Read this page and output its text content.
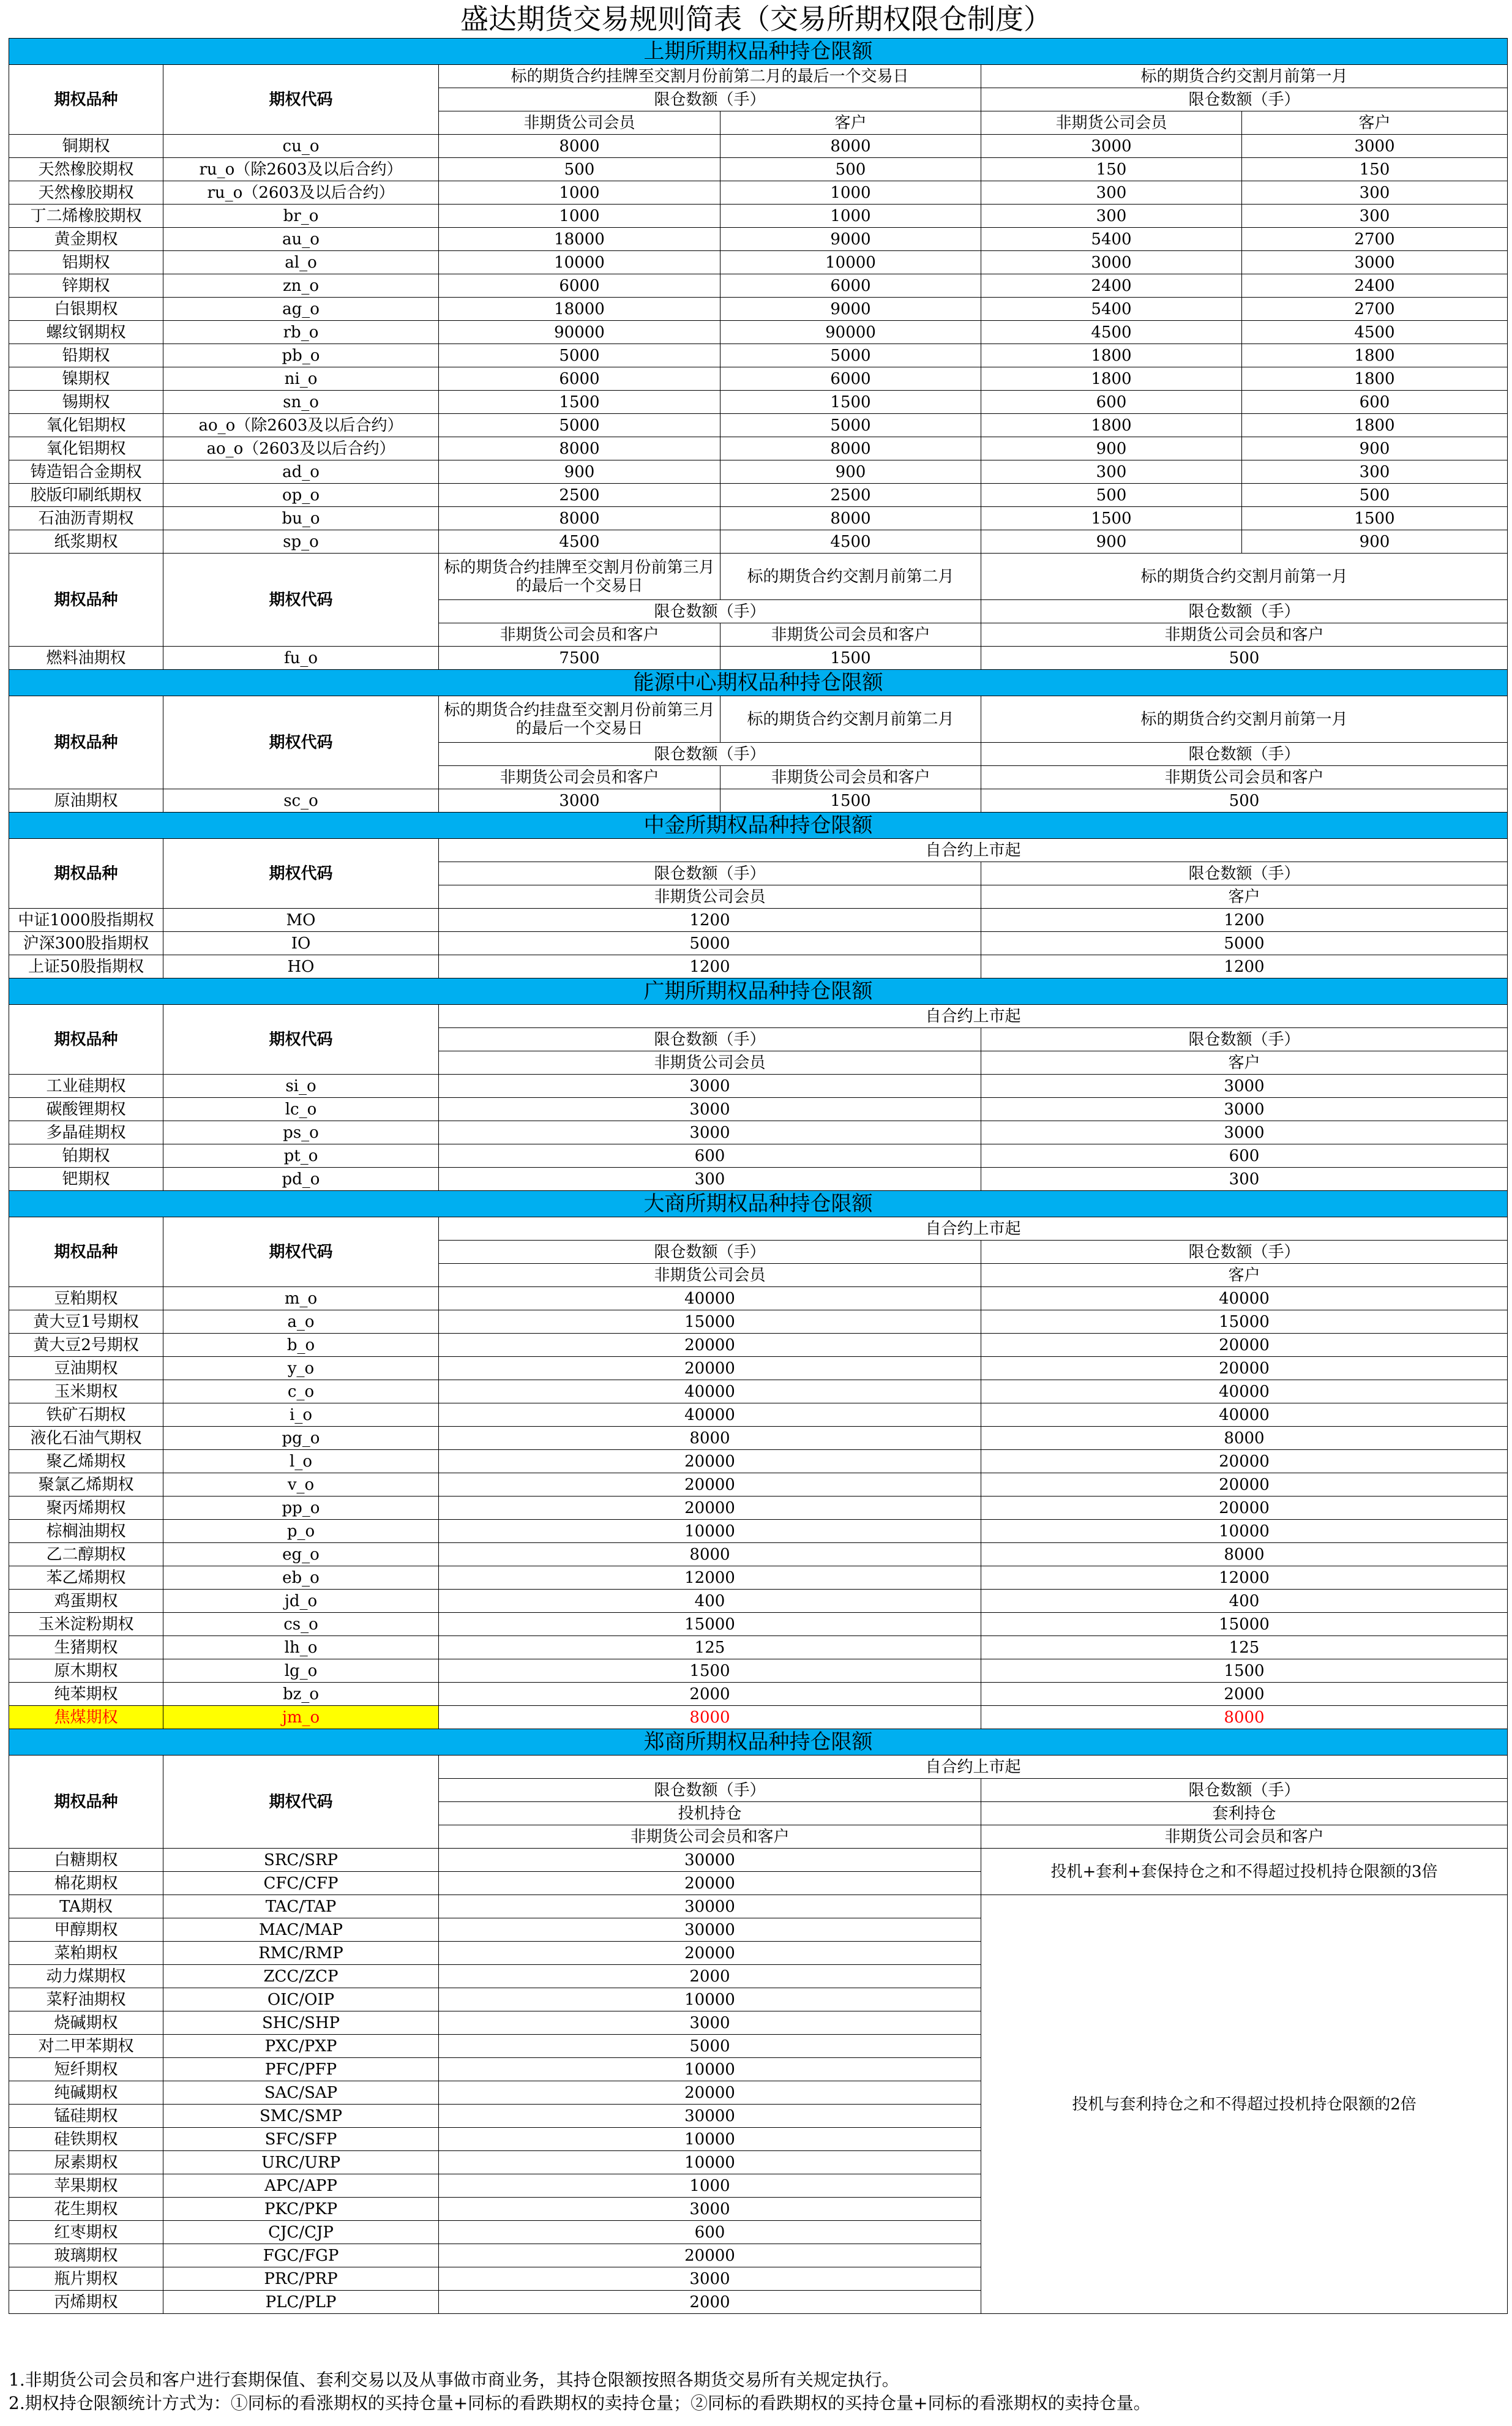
盛达期货交易规则简表（交易所期权限仓制度）
上期所期权品种持仓限额					
期权品种	期权代码	标的期货合约挂牌至交割月份前第二月的最后一个交易日		标的期货合约交割月前第一月	
		限仓数额（手）		限仓数额（手）	
		非期货公司会员	客户	非期货公司会员	客户
铜期权	cu_o	8000	8000	3000	3000
天然橡胶期权	ru_o（除2603及以后合约）	500	500	150	150
天然橡胶期权	ru_o（2603及以后合约）	1000	1000	300	300
丁二烯橡胶期权	br_o	1000	1000	300	300
黄金期权	au_o	18000	9000	5400	2700
铝期权	al_o	10000	10000	3000	3000
锌期权	zn_o	6000	6000	2400	2400
白银期权	ag_o	18000	9000	5400	2700
螺纹钢期权	rb_o	90000	90000	4500	4500
铅期权	pb_o	5000	5000	1800	1800
镍期权	ni_o	6000	6000	1800	1800
锡期权	sn_o	1500	1500	600	600
氧化铝期权	ao_o（除2603及以后合约）	5000	5000	1800	1800
氧化铝期权	ao_o（2603及以后合约）	8000	8000	900	900
铸造铝合金期权	ad_o	900	900	300	300
胶版印刷纸期权	op_o	2500	2500	500	500
石油沥青期权	bu_o	8000	8000	1500	1500
纸浆期权	sp_o	4500	4500	900	900
期权品种	期权代码	标的期货合约挂牌至交割月份前第三月的最后一个交易日	标的期货合约交割月前第二月	标的期货合约交割月前第一月	

		限仓数额（手）		限仓数额（手）	
		非期货公司会员和客户	非期货公司会员和客户	非期货公司会员和客户	
燃料油期权	fu_o	7500	1500	500	
能源中心期权品种持仓限额					
期权品种	期权代码	标的期货合约挂盘至交割月份前第三月的最后一个交易日	标的期货合约交割月前第二月	标的期货合约交割月前第一月	

		限仓数额（手）		限仓数额（手）	
		非期货公司会员和客户	非期货公司会员和客户	非期货公司会员和客户	
原油期权	sc_o	3000	1500	500	
中金所期权品种持仓限额					
期权品种	期权代码	自合约上市起			
		限仓数额（手）		限仓数额（手）	
		非期货公司会员		客户	
中证1000股指期权	MO	1200		1200	
沪深300股指期权	IO	5000		5000	
上证50股指期权	HO	1200		1200	
广期所期权品种持仓限额					
期权品种	期权代码	自合约上市起			
		限仓数额（手）		限仓数额（手）	
		非期货公司会员		客户	
工业硅期权	si_o	3000		3000	
碳酸锂期权	lc_o	3000		3000	
多晶硅期权	ps_o	3000		3000	
铂期权	pt_o	600		600	
钯期权	pd_o	300		300	
大商所期权品种持仓限额					
期权品种	期权代码	自合约上市起			
		限仓数额（手）		限仓数额（手）	
		非期货公司会员		客户	
豆粕期权	m_o	40000		40000	
黄大豆1号期权	a_o	15000		15000	
黄大豆2号期权	b_o	20000		20000	
豆油期权	y_o	20000		20000	
玉米期权	c_o	40000		40000	
铁矿石期权	i_o	40000		40000	
液化石油气期权	pg_o	8000		8000	
聚乙烯期权	l_o	20000		20000	
聚氯乙烯期权	v_o	20000		20000	
聚丙烯期权	pp_o	20000		20000	
棕榈油期权	p_o	10000		10000	
乙二醇期权	eg_o	8000		8000	
苯乙烯期权	eb_o	12000		12000	
鸡蛋期权	jd_o	400		400	
玉米淀粉期权	cs_o	15000		15000	
生猪期权	lh_o	125		125	
原木期权	lg_o	1500		1500	
纯苯期权	bz_o	2000		2000	
焦煤期权	jm_o	8000		8000	
郑商所期权品种持仓限额					
期权品种	期权代码	自合约上市起			
		限仓数额（手）		限仓数额（手）	
		投机持仓		套利持仓	
		非期货公司会员和客户		非期货公司会员和客户	
白糖期权	SRC/SRP	30000		投机+套利+套保持仓之和不得超过投机持仓限额的3倍	
棉花期权	CFC/CFP	20000			
TA期权	TAC/TAP	30000		投机与套利持仓之和不得超过投机持仓限额的2倍	
甲醇期权	MAC/MAP	30000			
菜粕期权	RMC/RMP	20000			
动力煤期权	ZCC/ZCP	2000			
菜籽油期权	OIC/OIP	10000			
烧碱期权	SHC/SHP	3000			
对二甲苯期权	PXC/PXP	5000			
短纤期权	PFC/PFP	10000			
纯碱期权	SAC/SAP	20000			
锰硅期权	SMC/SMP	30000			
硅铁期权	SFC/SFP	10000			
尿素期权	URC/URP	10000			
苹果期权	APC/APP	1000			
花生期权	PKC/PKP	3000			
红枣期权	CJC/CJP	600			
玻璃期权	FGC/FGP	20000			
瓶片期权	PRC/PRP	3000			
丙烯期权	PLC/PLP	2000			
1.非期货公司会员和客户进行套期保值、套利交易以及从事做市商业务，其持仓限额按照各期货交易所有关规定执行。
2.期权持仓限额统计方式为：①同标的看涨期权的买持仓量+同标的看跌期权的卖持仓量；②同标的看跌期权的买持仓量+同标的看涨期权的卖持仓量。
